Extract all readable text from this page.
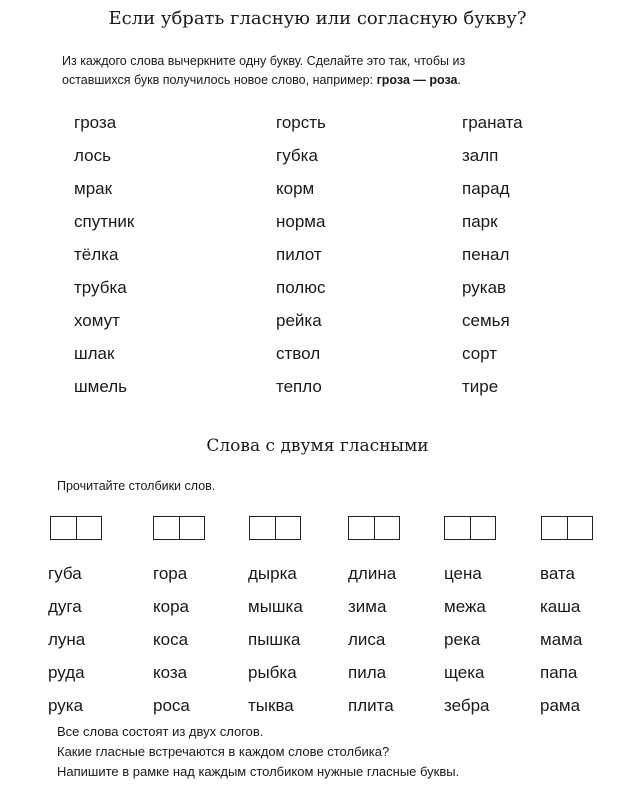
Если убрать гласную или согласную букву?
Из каждого слова вычеркните одну букву. Сделайте это так, чтобы из
оставшихся букв получилось новое слово, например: гроза — роза.
гроза
лось
мрак
спутник
тёлка
трубка
хомут
шлак
шмель
горсть
губка
корм
норма
пилот
полюс
рейка
ствол
тепло
граната
залп
парад
парк
пенал
рукав
семья
сорт
тире
Слова с двумя гласными
Прочитайте столбики слов.
губа
дуга
луна
руда
рука
гора
кора
коса
коза
роса
дырка
мышка
пышка
рыбка
тыква
длина
зима
лиса
пила
плита
цена
межа
река
щека
зебра
вата
каша
мама
папа
рама
Все слова состоят из двух слогов.
Какие гласные встречаются в каждом слове столбика?
Напишите в рамке над каждым столбиком нужные гласные буквы.
